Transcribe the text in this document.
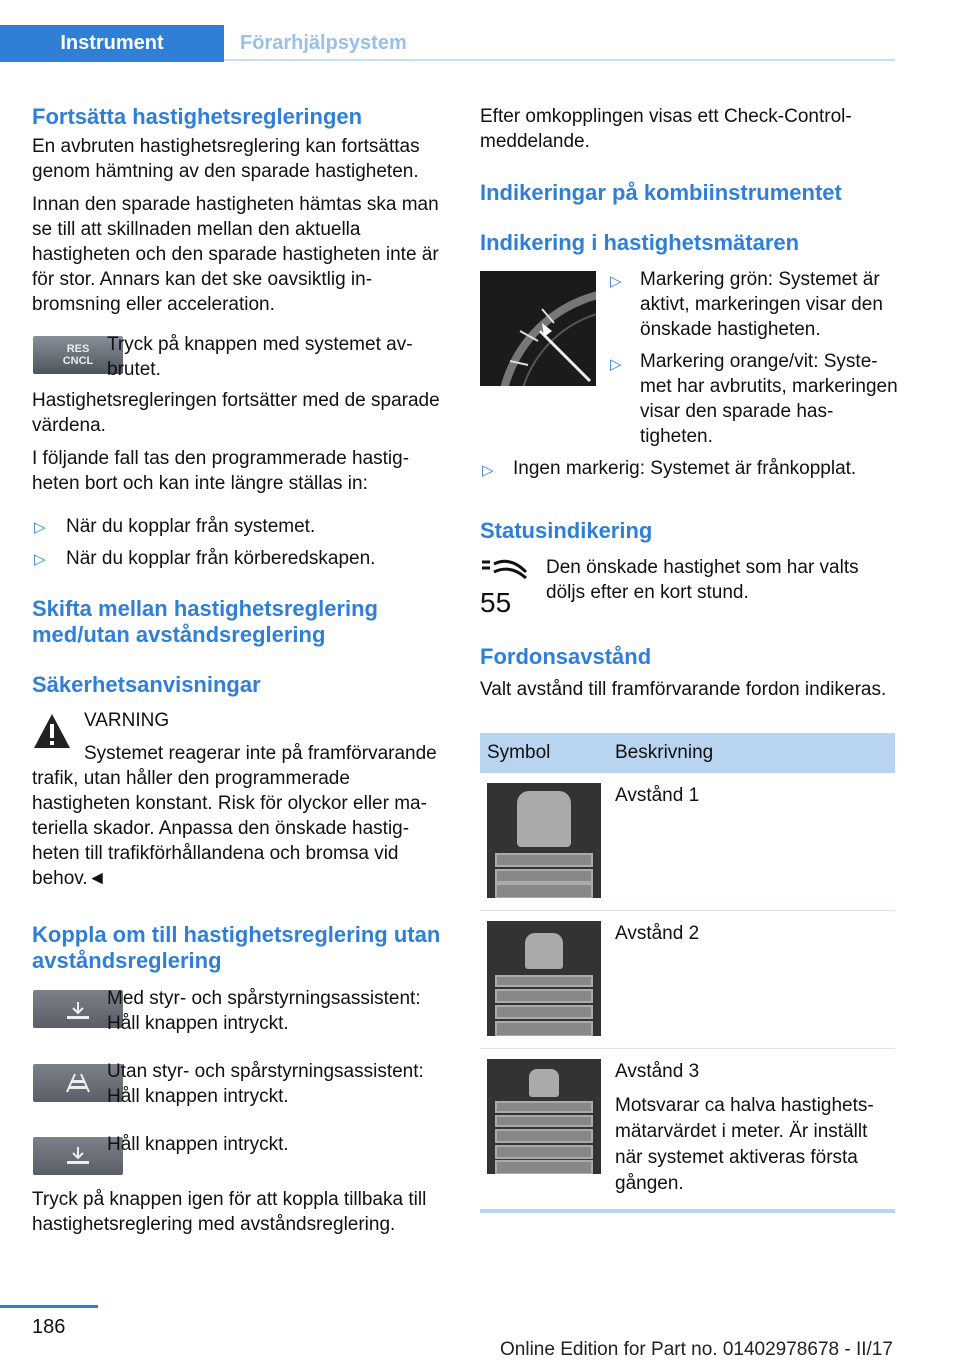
Instrument	Förarhjälpsystem
Fortsätta hastighetsregleringen
En avbruten hastighetsreglering kan fortsättas genom hämtning av den sparade hastigheten.
Innan den sparade hastigheten hämtas ska man se till att skillnaden mellan den aktuella hastigheten och den sparade hastigheten inte är för stor. Annars kan det ske oavsiktlig inbromsning eller acceleration.
RES
CNCL
Tryck på knappen med systemet avbrutet.
Hastighetsregleringen fortsätter med de sparade värdena.
I följande fall tas den programmerade hastigheten bort och kan inte längre ställas in:
▷ När du kopplar från systemet.
▷ När du kopplar från körberedskapen.
Skifta mellan hastighetsreglering med/utan avståndsreglering
Säkerhetsanvisningar
VARNING
Systemet reagerar inte på framförvarande trafik, utan håller den programmerade hastigheten konstant. Risk för olyckor eller materiella skador. Anpassa den önskade hastigheten till trafikförhållandena och bromsa vid behov.◄
Koppla om till hastighetsreglering utan avståndsreglering
Med styr- och spårstyrningsassistent: Håll knappen intryckt.
Utan styr- och spårstyrningsassistent: Håll knappen intryckt.
Håll knappen intryckt.
Tryck på knappen igen för att koppla tillbaka till hastighetsreglering med avståndsreglering.
Efter omkopplingen visas ett Check-Control-meddelande.
Indikeringar på kombiinstrumentet
Indikering i hastighetsmätaren
▷ Markering grön: Systemet är aktivt, markeringen visar den önskade hastigheten.
▷ Markering orange/vit: Systemet har avbrutits, markeringen visar den sparade hastigheten.
▷ Ingen markerig: Systemet är frånkopplat.
Statusindikering
55
Den önskade hastighet som har valts döljs efter en kort stund.
Fordonsavstånd
Valt avstånd till framförvarande fordon indikeras.
Symbol	Beskrivning

	Avstånd 1

	Avstånd 2

	Avstånd 3
Motsvarar ca halva hastighetsmätarvärdet i meter. Är inställt när systemet aktiveras första gången.
186
Online Edition for Part no. 01402978678 - II/17
